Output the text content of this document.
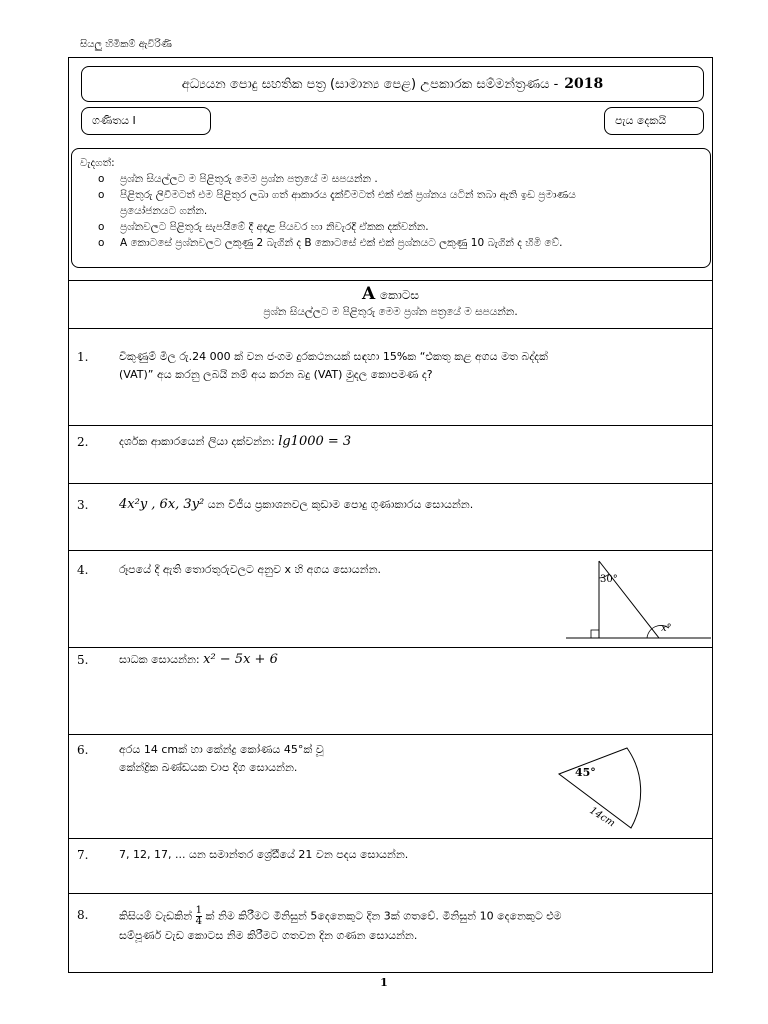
සියලු හිමිකම් ඇවිරිණි
අධ්‍යයන පොදු සහතික පත්‍ර (සාමාන්‍ය පෙළ) උපකාරක සම්මන්ත්‍රණය - 2018
ගණිතය I	පැය දෙකයි
වැදගත්:
o ප්‍රශ්න සියල්ලට ම පිළිතුරු මෙම ප්‍රශ්න පත්‍රයේ ම සපයන්න .
o පිළිතුරු ලිවීමටත් එම පිළිතුර ලබා ගත් ආකාරය දැක්වීමටත් එක් එක් ප්‍රශ්නය යටින් තබා ඇති ඉඩ ප්‍රමාණය
ප්‍රයෝජනයට ගන්න.
o ප්‍රශ්නවලට පිළිතුරු සැපයීමේ දී අදාළ පියවර හා නිවැරදි ඒකක දක්වන්න.
o A කොටසේ ප්‍රශ්නවලට ලකුණු 2 බැගින් ද B කොටසේ එක් එක් ප්‍රශ්නයට ලකුණු 10 බැගින් ද හිමි වේ.
A කොටස
ප්‍රශ්න සියල්ලට ම පිළිතුරු මෙම ප්‍රශ්න පත්‍රයේ ම සපයන්න.
1.	විකුණුම් මිල රු.24 000 ක් වන ජංගම දුරකථනයක් සඳහා 15%ක “එකතු කළ අගය මත බද්දක්
(VAT)” අය කරනු ලබයි නම් අය කරන බදු (VAT) මුදල කොපමණ ද?
2.	දර්ශක ආකාරයෙන් ලියා දක්වන්න: lg1000 = 3
3. 4x²y , 6x, 3y² යන වීජීය ප්‍රකාශනවල කුඩාම පොදු ගුණාකාරය සොයන්න.
4.	රූපයේ දී ඇති තොරතුරුවලට අනුව x හි අගය සොයන්න.
30°
x°
5.	සාධක සොයන්න: x² − 5x + 6
6.	අරය 14 cmක් හා කේන්ද්‍ර කෝණය 45°ක් වූ
කේන්ද්‍රික ඛණ්ඩයක චාප දිග සොයන්න.	45°
14cm
7.	7, 12, 17, ... යන සමාන්තර ශ්‍රේඪියේ 21 වන පදය සොයන්න.
8.	කිසියම් වැඩකින් $\frac{1}{4}$ ක් නිම කිරීමට මිනිසුන් 5දෙනෙකුට දින 3ක් ගතවේ. මිනිසුන් 10 දෙනෙකුට එම
සම්පූර්ණ වැඩ කොටස නිම කිරීමට ගතවන දින ගණන සොයන්න.
1
